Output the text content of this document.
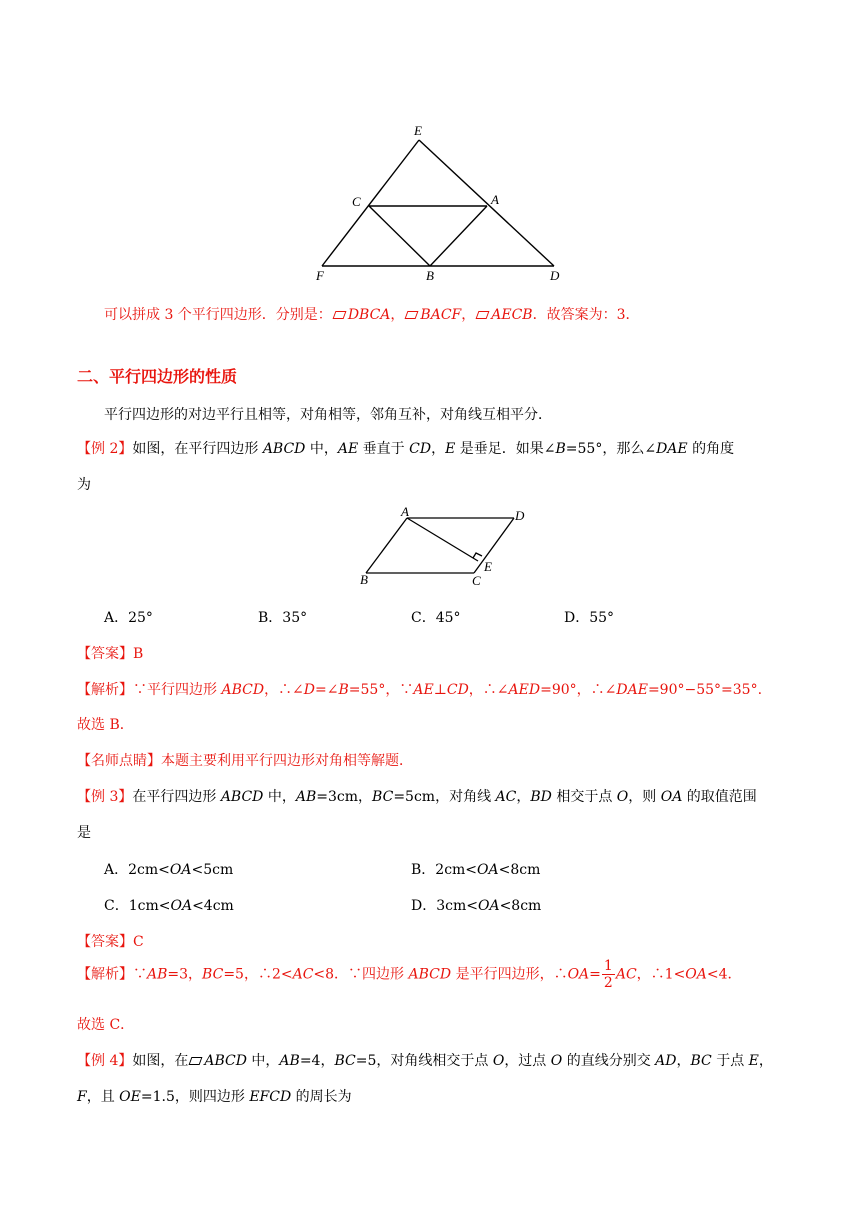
E
C	A
F	B	D
可以拼成 3 个平行四边形．分别是： DBCA， BACF， AECB．故答案为：3．
二、平行四边形的性质
平行四边形的对边平行且相等，对角相等，邻角互补，对角线互相平分．
【例 2】如图，在平行四边形 ABCD 中，AE 垂直于 CD，E 是垂足．如果∠B=55°，那么∠DAE 的角度
为
A	D
B	C
E
A．25°	B．35°	C．45°	D．55°
【答案】B
【解析】∵平行四边形 ABCD，∴∠D=∠B=55°，∵AE⊥CD，∴∠AED=90°，∴∠DAE=90°−55°=35°.
故选 B．
【名师点睛】本题主要利用平行四边形对角相等解题．
【例 3】在平行四边形 ABCD 中，AB=3cm，BC=5cm，对角线 AC，BD 相交于点 O，则 OA 的取值范围
是
A．2cm<OA<5cm	B．2cm<OA<8cm
C．1cm<OA<4cm	D．3cm<OA<8cm
【答案】C
【解析】∵AB=3，BC=5，∴2<AC<8．∵四边形 ABCD 是平行四边形，∴OA= $\frac{1}{2}$ AC，∴1<OA<4．
故选 C．
【例 4】如图，在 ABCD 中，AB=4，BC=5，对角线相交于点 O，过点 O 的直线分别交 AD，BC 于点 E，
F，且 OE=1.5，则四边形 EFCD 的周长为
